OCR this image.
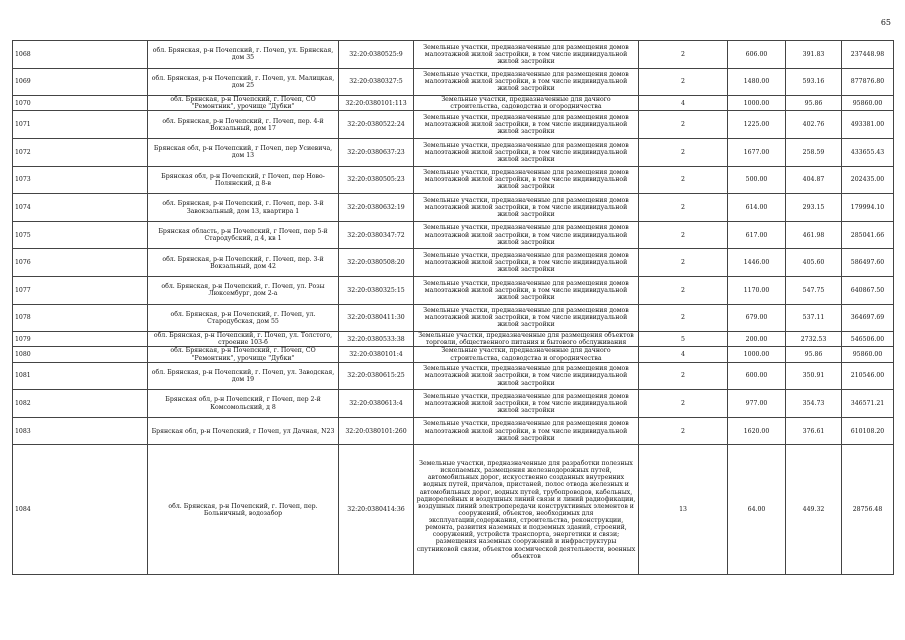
65
1068	обл. Брянская, р-н Почепский, г. Почеп, ул. Брянская, дом 35	32:20:0380525:9	Земельные участки, предназначенные для размещения домов малоэтажной жилой застройки, в том числе индивидуальной жилой застройки	2	606.00	391.83	237448.98
1069	обл. Брянская, р-н Почепский, г. Почеп, ул. Малицкая, дом 25	32:20:0380327:5	Земельные участки, предназначенные для размещения домов малоэтажной жилой застройки, в том числе индивидуальной жилой застройки	2	1480.00	593.16	877876.80
1070	обл. Брянская, р-н Почепский, г. Почеп, СО "Ремонтник", урочище "Дубки"	32:20:0380101:113	Земельные участки, предназначенные для дачного строительства, садоводства и огородничества	4	1000.00	95.86	95860.00
1071	обл. Брянская, р-н Почепский, г. Почеп, пер. 4-й Вокзальный, дом 17	32:20:0380522:24	Земельные участки, предназначенные для размещения домов малоэтажной жилой застройки, в том числе индивидуальной жилой застройки	2	1225.00	402.76	493381.00
1072	Брянская обл, р-н Почепский, г Почеп, пер Усиевича, дом 13	32:20:0380637:23	Земельные участки, предназначенные для размещения домов малоэтажной жилой застройки, в том числе индивидуальной жилой застройки	2	1677.00	258.59	433655.43
1073	Брянская обл, р-н Почепский, г Почеп, пер Ново-Полянский, д 8-в	32:20:0380505:23	Земельные участки, предназначенные для размещения домов малоэтажной жилой застройки, в том числе индивидуальной жилой застройки	2	500.00	404.87	202435.00
1074	обл. Брянская, р-н Почепский, г. Почеп, пер. 3-й Завокзальный, дом 13, квартира 1	32:20:0380632:19	Земельные участки, предназначенные для размещения домов малоэтажной жилой застройки, в том числе индивидуальной жилой застройки	2	614.00	293.15	179994.10
1075	Брянская область, р-н Почепский, г Почеп, пер 5-й Стародубский, д 4, кв 1	32:20:0380347:72	Земельные участки, предназначенные для размещения домов малоэтажной жилой застройки, в том числе индивидуальной жилой застройки	2	617.00	461.98	285041.66
1076	обл. Брянская, р-н Почепский, г. Почеп, пер. 3-й Вокзальный, дом 42	32:20:0380508:20	Земельные участки, предназначенные для размещения домов малоэтажной жилой застройки, в том числе индивидуальной жилой застройки	2	1446.00	405.60	586497.60
1077	обл. Брянская, р-н Почепский, г. Почеп, ул. Розы Люксембург, дом 2-а	32:20:0380325:15	Земельные участки, предназначенные для размещения домов малоэтажной жилой застройки, в том числе индивидуальной жилой застройки	2	1170.00	547.75	640867.50
1078	обл. Брянская, р-н Почепский, г. Почеп, ул. Стародубская, дом 55	32:20:0380411:30	Земельные участки, предназначенные для размещения домов малоэтажной жилой застройки, в том числе индивидуальной жилой застройки	2	679.00	537.11	364697.69
1079	обл. Брянская, р-н Почепский, г. Почеп, ул. Толстого, строение 103-б	32:20:0380533:38	Земельные участки, предназначенные для размещения объектов торговли, общественного питания и бытового обслуживания	5	200.00	2732.53	546506.00
1080	обл. Брянская, р-н Почепский, г. Почеп, СО "Ремонтник", урочище "Дубки"	32:20:0380101:4	Земельные участки, предназначенные для дачного строительства, садоводства и огородничества	4	1000.00	95.86	95860.00
1081	обл. Брянская, р-н Почепский, г. Почеп, ул. Заводская, дом 19	32:20:0380615:25	Земельные участки, предназначенные для размещения домов малоэтажной жилой застройки, в том числе индивидуальной жилой застройки	2	600.00	350.91	210546.00
1082	Брянская обл, р-н Почепский, г Почеп, пер 2-й Комсомольский, д 8	32:20:0380613:4	Земельные участки, предназначенные для размещения домов малоэтажной жилой застройки, в том числе индивидуальной жилой застройки	2	977.00	354.73	346571.21
1083	Брянская обл, р-н Почепский, г Почеп, ул Дачная, N23	32:20:0380101:260	Земельные участки, предназначенные для размещения домов малоэтажной жилой застройки, в том числе индивидуальной жилой застройки	2	1620.00	376.61	610108.20
1084	обл. Брянская, р-н Почепский, г. Почеп, пер. Больничный, водозабор	32:20:0380414:36	Земельные участки, предназначенные для разработки полезных ископаемых, размещения железнодорожных путей, автомобильных дорог, искусственно созданных внутренних водных путей, причалов, пристаней, полос отвода железных и автомобильных дорог, водных путей, трубопроводов, кабельных, радиорелейных и воздушных линий связи и линий радиофикации, воздушных линий электропередачи конструктивных элементов и сооружений, объектов, необходимых для эксплуатации,содержания, строительства, реконструкции, ремонта, развития наземных и подземных зданий, строений, сооружений, устройств транспорта, энергетики и связи; размещения наземных сооружений и инфраструктуры спутниковой связи, объектов космической деятельности, военных объектов	13	64.00	449.32	28756.48
